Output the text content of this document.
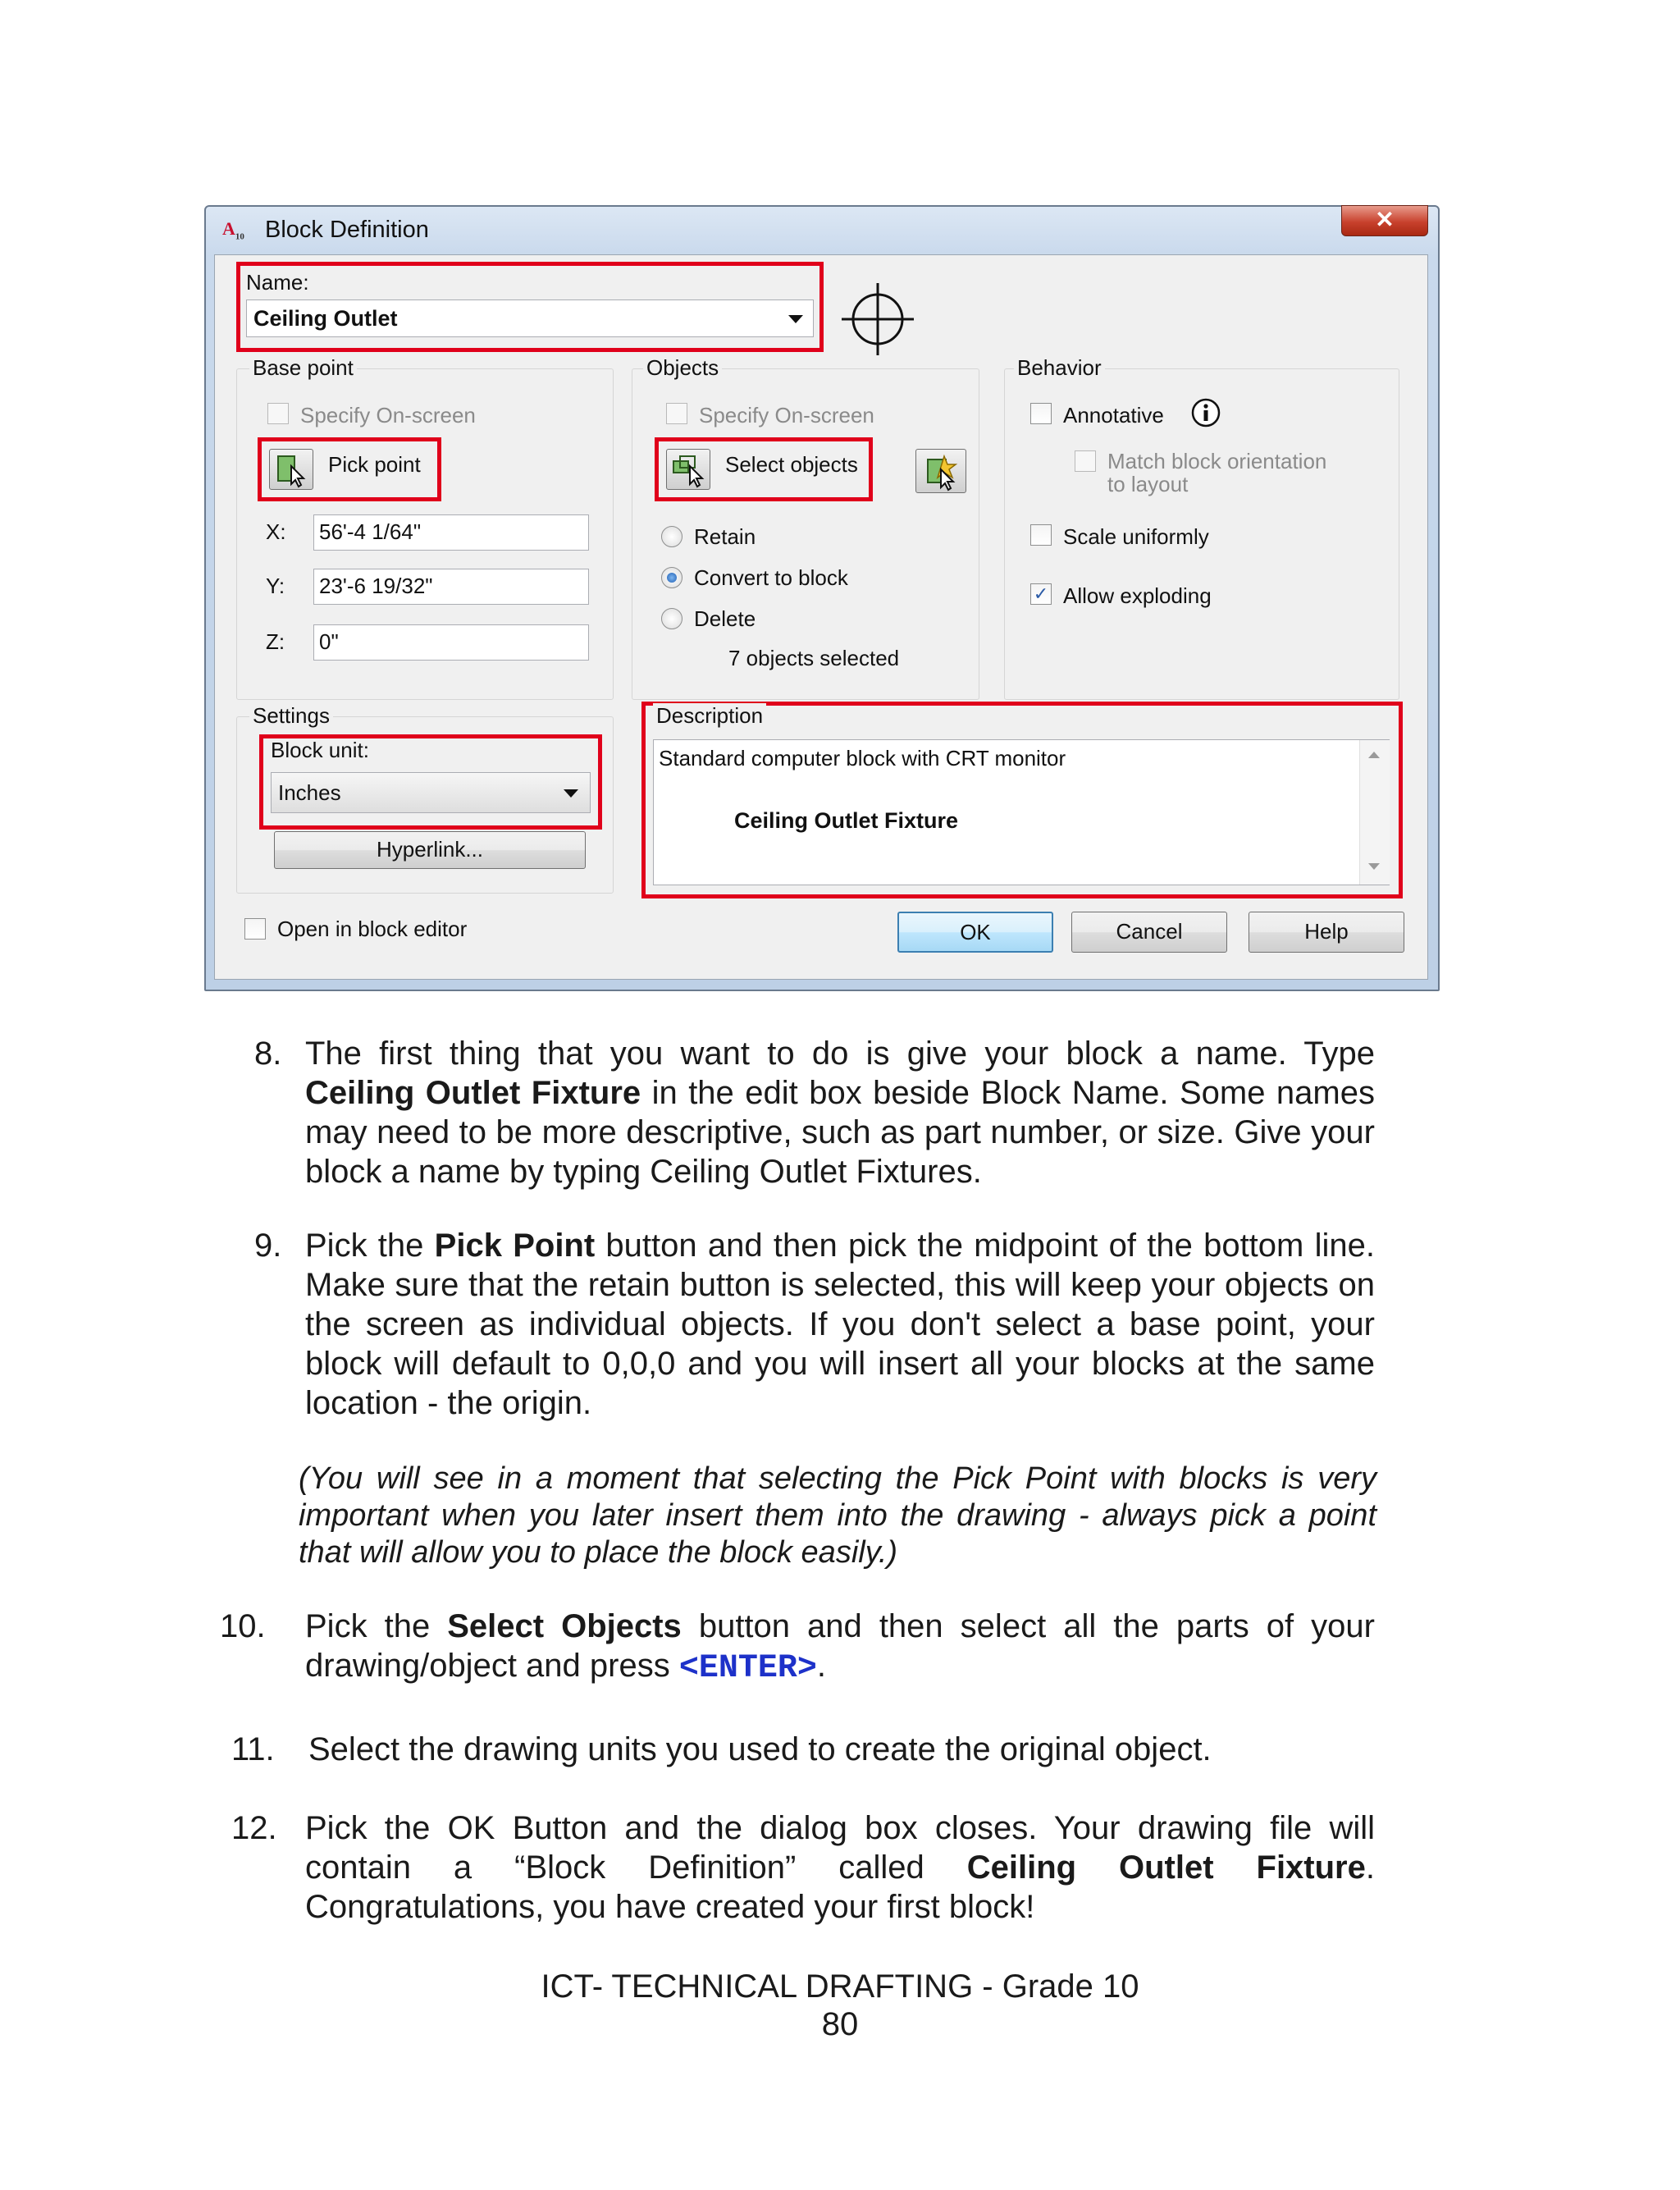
$A_{10}$ Block Definition	✕
Name:
Ceiling Outlet
Base point
Specify On-screen
Pick point
X: 56'-4 1/64"
Y: 23'-6 19/32"
Z: 0"
Objects
Specify On-screen
Select objects
Retain
Convert to block
Delete
7 objects selected
Behavior
Annotative
Match block orientation
to layout
Scale uniformly
✓ Allow exploding
Settings
Block unit:
Inches
Hyperlink...
Description
Standard computer block with CRT monitor
Ceiling Outlet Fixture
Open in block editor	OK	Cancel	Help
8. The first thing that you want to do is give your block a name. Type Ceiling Outlet Fixture in the edit box beside Block Name. Some names may need to be more descriptive, such as part number, or size. Give your block a name by typing Ceiling Outlet Fixtures.
9. Pick the Pick Point button and then pick the midpoint of the bottom line. Make sure that the retain button is selected, this will keep your objects on the screen as individual objects. If you don't select a base point, your block will default to 0,0,0 and you will insert all your blocks at the same location - the origin.
(You will see in a moment that selecting the Pick Point with blocks is very important when you later insert them into the drawing - always pick a point that will allow you to place the block easily.)
10. Pick the Select Objects button and then select all the parts of your drawing/object and press <ENTER>.
11. Select the drawing units you used to create the original object.
12. Pick the OK Button and the dialog box closes. Your drawing file will contain a “Block Definition” called Ceiling Outlet Fixture. Congratulations, you have created your first block!
ICT- TECHNICAL DRAFTING - Grade 10
80
